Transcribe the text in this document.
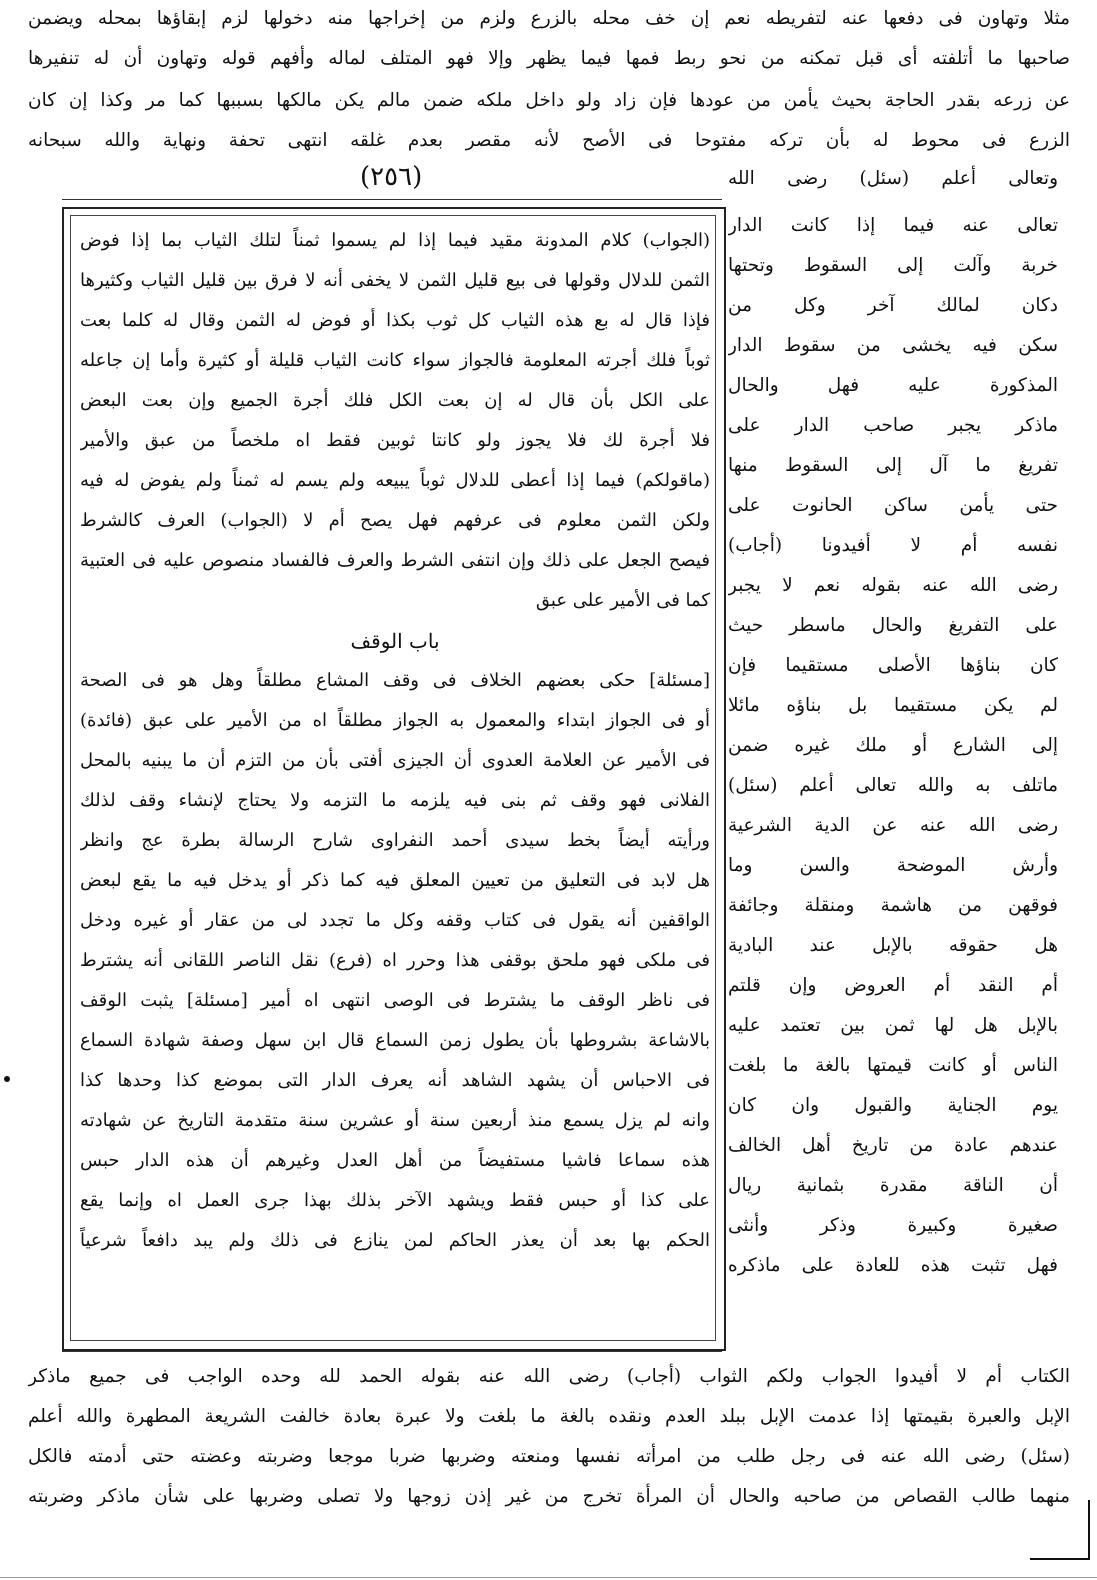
مثلا وتهاون فى دفعها عنه لتفريطه نعم إن خف محله بالزرع ولزم من إخراجها منه دخولها لزم إبقاؤها بمحله ويضمن
صاحبها ما أتلفته أى قبل تمكنه من نحو ربط فمها فيما يظهر وإلا فهو المتلف لماله وأفهم قوله وتهاون أن له تنفيرها
عن زرعه بقدر الحاجة بحيث يأمن من عودها فإن زاد ولو داخل ملكه ضمن مالم يكن مالكها بسببها كما مر وكذا إن كان
الزرع فى محوط له بأن تركه مفتوحا فى الأصح لأنه مقصر بعدم غلقه انتهى تحفة ونهاية والله سبحانه
(٢٥٦)	وتعالى أعلم (سئل) رضى الله
تعالى عنه فيما إذا كانت الدار
خربة وآلت إلى السقوط وتحتها
دكان لمالك آخر وكل من
سكن فيه يخشى من سقوط الدار
المذكورة عليه فهل والحال
ماذكر يجبر صاحب الدار على
تفريغ ما آل إلى السقوط منها
حتى يأمن ساكن الحانوت على
نفسه أم لا أفيدونا (أجاب)
رضى الله عنه بقوله نعم لا يجبر
على التفريغ والحال ماسطر حيث
كان بناؤها الأصلى مستقيما فإن
لم يكن مستقيما بل بناؤه مائلا
إلى الشارع أو ملك غيره ضمن
ماتلف به والله تعالى أعلم (سئل)
رضى الله عنه عن الدية الشرعية
وأرش الموضحة والسن وما
فوقهن من هاشمة ومنقلة وجائفة
هل حقوقه بالإبل عند البادية
أم النقد أم العروض وإن قلتم
بالإبل هل لها ثمن بين تعتمد عليه
الناس أو كانت قيمتها بالغة ما بلغت
يوم الجناية والقبول وان كان
عندهم عادة من تاريخ أهل الخالف
أن الناقة مقدرة بثمانية ريال
صغيرة وكبيرة وذكر وأنثى
فهل تثبت هذه للعادة على ماذكره
(الجواب) كلام المدونة مقيد فيما إذا لم يسموا ثمناً لتلك الثياب بما إذا فوض
الثمن للدلال وقولها فى بيع قليل الثمن لا يخفى أنه لا فرق بين قليل الثياب وكثيرها
فإذا قال له بع هذه الثياب كل ثوب بكذا أو فوض له الثمن وقال له كلما بعت
ثوباً فلك أجرته المعلومة فالجواز سواء كانت الثياب قليلة أو كثيرة وأما إن جاعله
على الكل بأن قال له إن بعت الكل فلك أجرة الجميع وإن بعت البعض
فلا أجرة لك فلا يجوز ولو كانتا ثوبين فقط اه ملخصاً من عبق والأمير
(ماقولكم) فيما إذا أعطى للدلال ثوباً يبيعه ولم يسم له ثمناً ولم يفوض له فيه
ولكن الثمن معلوم فى عرفهم فهل يصح أم لا (الجواب) العرف كالشرط
فيصح الجعل على ذلك وإن انتفى الشرط والعرف فالفساد منصوص عليه فى العتبية
كما فى الأمير على عبق
باب الوقف
[مسئلة] حكى بعضهم الخلاف فى وقف المشاع مطلقاً وهل هو فى الصحة
أو فى الجواز ابتداء والمعمول به الجواز مطلقاً اه من الأمير على عبق (فائدة)
فى الأمير عن العلامة العدوى أن الجيزى أفتى بأن من التزم أن ما يبنيه بالمحل
الفلانى فهو وقف ثم بنى فيه يلزمه ما التزمه ولا يحتاج لإنشاء وقف لذلك
ورأيته أيضاً بخط سيدى أحمد النفراوى شارح الرسالة بطرة عج وانظر
هل لابد فى التعليق من تعيين المعلق فيه كما ذكر أو يدخل فيه ما يقع لبعض
الواقفين أنه يقول فى كتاب وقفه وكل ما تجدد لى من عقار أو غيره ودخل
فى ملكى فهو ملحق بوقفى هذا وحرر اه (فرع) نقل الناصر اللقانى أنه يشترط
فى ناظر الوقف ما يشترط فى الوصى انتهى اه أمير [مسئلة] يثبت الوقف
بالاشاعة بشروطها بأن يطول زمن السماع قال ابن سهل وصفة شهادة السماع
فى الاحباس أن يشهد الشاهد أنه يعرف الدار التى بموضع كذا وحدها كذا
وانه لم يزل يسمع منذ أربعين سنة أو عشرين سنة متقدمة التاريخ عن شهادته
هذه سماعا فاشيا مستفيضاً من أهل العدل وغيرهم أن هذه الدار حبس
على كذا أو حبس فقط ويشهد الآخر بذلك بهذا جرى العمل اه وإنما يقع
الحكم بها بعد أن يعذر الحاكم لمن ينازع فى ذلك ولم يبد دافعاً شرعياً
الكتاب أم لا أفيدوا الجواب ولكم الثواب (أجاب) رضى الله عنه بقوله الحمد لله وحده الواجب فى جميع ماذكر
الإبل والعبرة بقيمتها إذا عدمت الإبل ببلد العدم ونقده بالغة ما بلغت ولا عبرة بعادة خالفت الشريعة المطهرة والله أعلم
(سئل) رضى الله عنه فى رجل طلب من امرأته نفسها ومنعته وضربها ضربا موجعا وضربته وعضته حتى أدمته فالكل
منهما طالب القصاص من صاحبه والحال أن المرأة تخرج من غير إذن زوجها ولا تصلى وضربها على شأن ماذكر وضربته
